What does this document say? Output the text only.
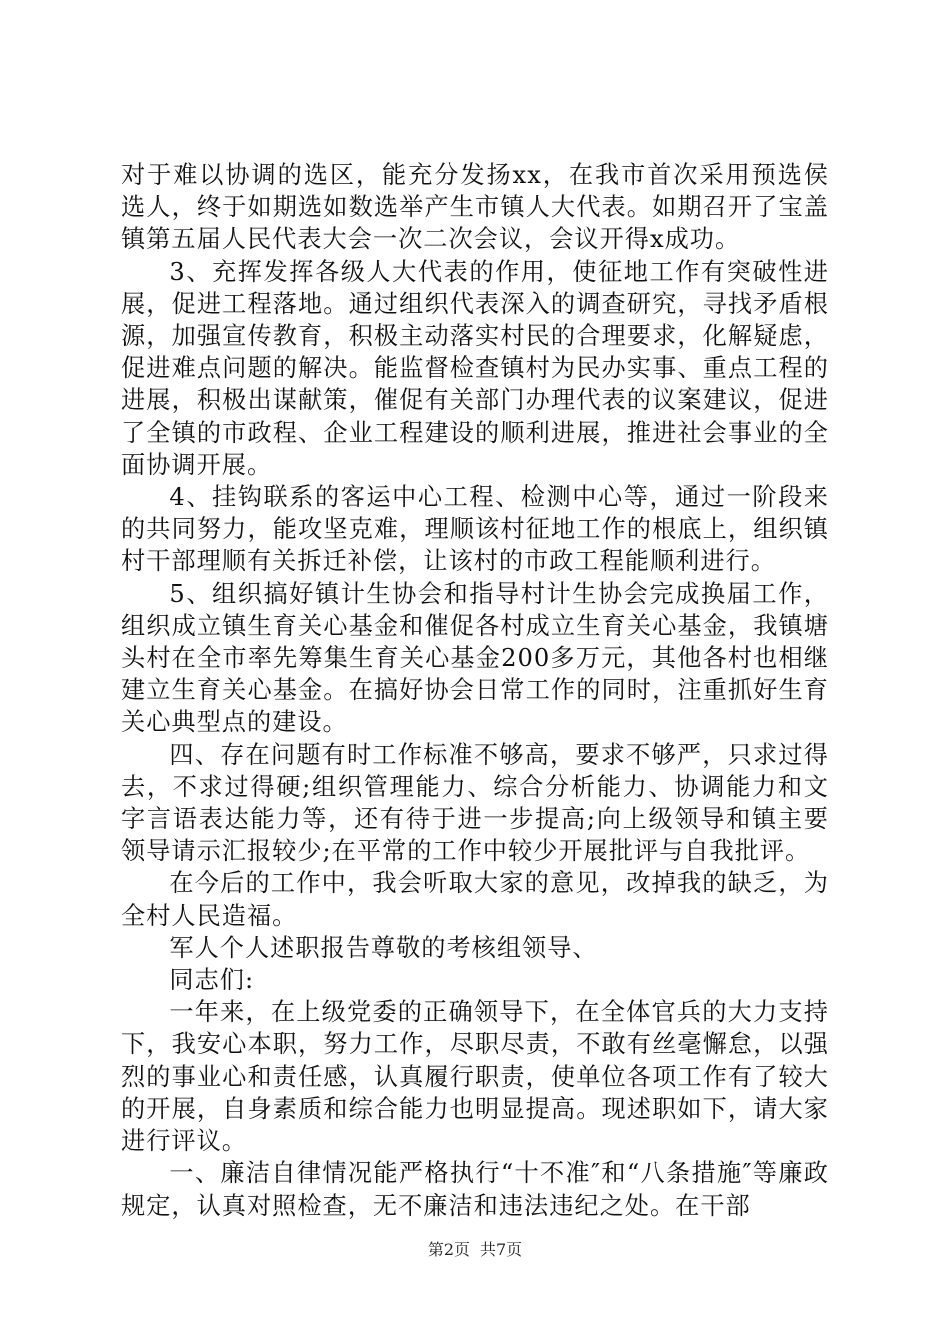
对于难以协调的选区，能充分发扬xx，在我市首次采用预选侯选人，终于如期选如数选举产生市镇人大代表。如期召开了宝盖镇第五届人民代表大会一次二次会议，会议开得x成功。

3、充挥发挥各级人大代表的作用，使征地工作有突破性进展，促进工程落地。通过组织代表深入的调查研究，寻找矛盾根源，加强宣传教育，积极主动落实村民的合理要求，化解疑虑，促进难点问题的解决。能监督检查镇村为民办实事、重点工程的进展，积极出谋献策，催促有关部门办理代表的议案建议，促进了全镇的市政程、企业工程建设的顺利进展，推进社会事业的全面协调开展。

4、挂钩联系的客运中心工程、检测中心等，通过一阶段来的共同努力，能攻坚克难，理顺该村征地工作的根底上，组织镇村干部理顺有关拆迁补偿，让该村的市政工程能顺利进行。

5、组织搞好镇计生协会和指导村计生协会完成换届工作，组织成立镇生育关心基金和催促各村成立生育关心基金，我镇塘头村在全市率先筹集生育关心基金200多万元，其他各村也相继建立生育关心基金。在搞好协会日常工作的同时，注重抓好生育关心典型点的建设。

四、存在问题有时工作标准不够高，要求不够严，只求过得去，不求过得硬;组织管理能力、综合分析能力、协调能力和文字言语表达能力等，还有待于进一步提高;向上级领导和镇主要领导请示汇报较少;在平常的工作中较少开展批评与自我批评。

在今后的工作中，我会听取大家的意见，改掉我的缺乏，为全村人民造福。

军人个人述职报告尊敬的考核组领导、

同志们:

一年来，在上级党委的正确领导下，在全体官兵的大力支持下，我安心本职，努力工作，尽职尽责，不敢有丝毫懈怠，以强烈的事业心和责任感，认真履行职责，使单位各项工作有了较大的开展，自身素质和综合能力也明显提高。现述职如下，请大家进行评议。

一、廉洁自律情况能严格执行“十不准″和“八条措施″等廉政规定，认真对照检查，无不廉洁和违法违纪之处。在干部

第2页 共7页
